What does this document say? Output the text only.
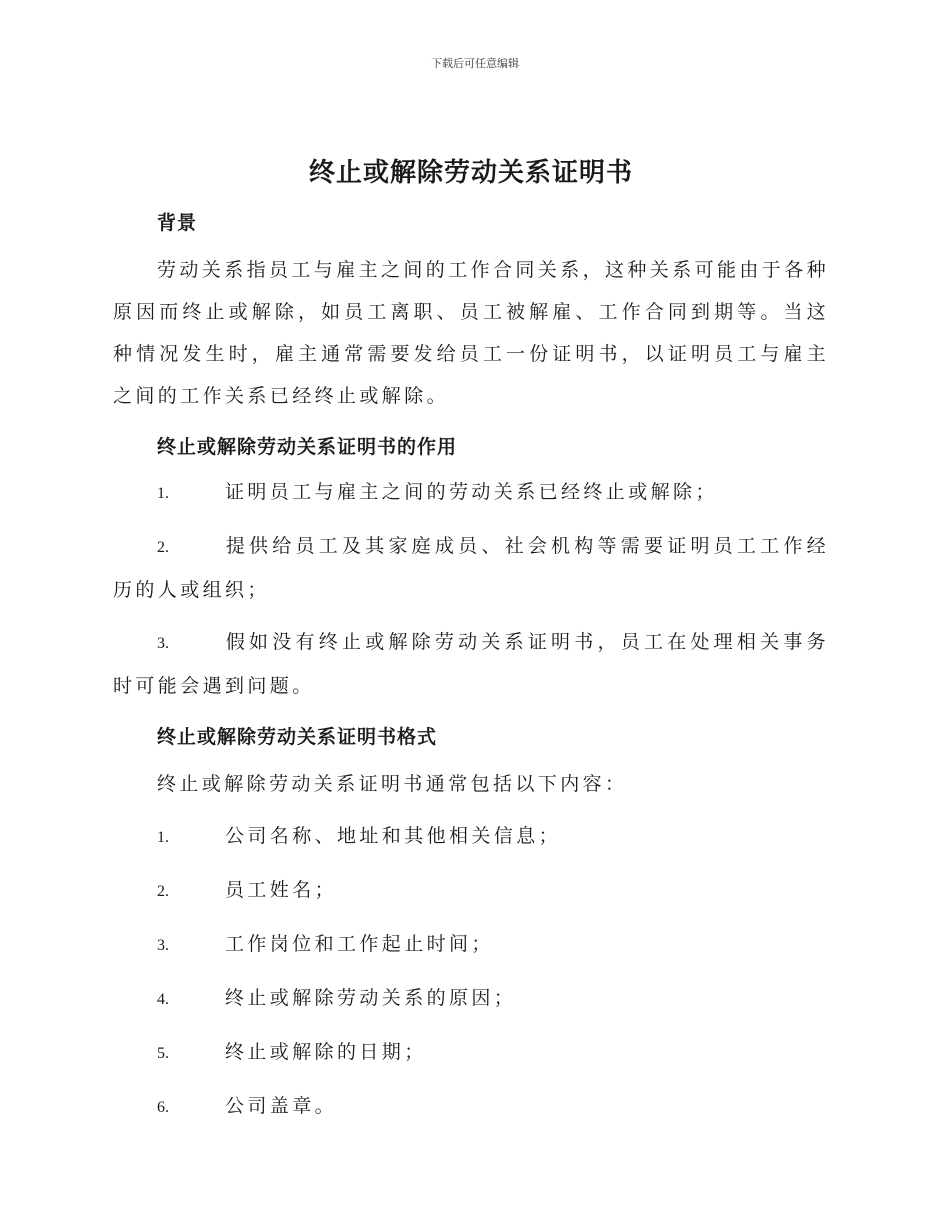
下载后可任意编辑
终止或解除劳动关系证明书
背景
劳动关系指员工与雇主之间的工作合同关系，这种关系可能由于各种原因而终止或解除，如员工离职、员工被解雇、工作合同到期等。当这种情况发生时，雇主通常需要发给员工一份证明书，以证明员工与雇主之间的工作关系已经终止或解除。
终止或解除劳动关系证明书的作用
1.	证明员工与雇主之间的劳动关系已经终止或解除；
2.	提供给员工及其家庭成员、社会机构等需要证明员工工作经历的人或组织；
3.	假如没有终止或解除劳动关系证明书，员工在处理相关事务时可能会遇到问题。
终止或解除劳动关系证明书格式
终止或解除劳动关系证明书通常包括以下内容：
1.	公司名称、地址和其他相关信息；
2.	员工姓名；
3.	工作岗位和工作起止时间；
4.	终止或解除劳动关系的原因；
5.	终止或解除的日期；
6.	公司盖章。
